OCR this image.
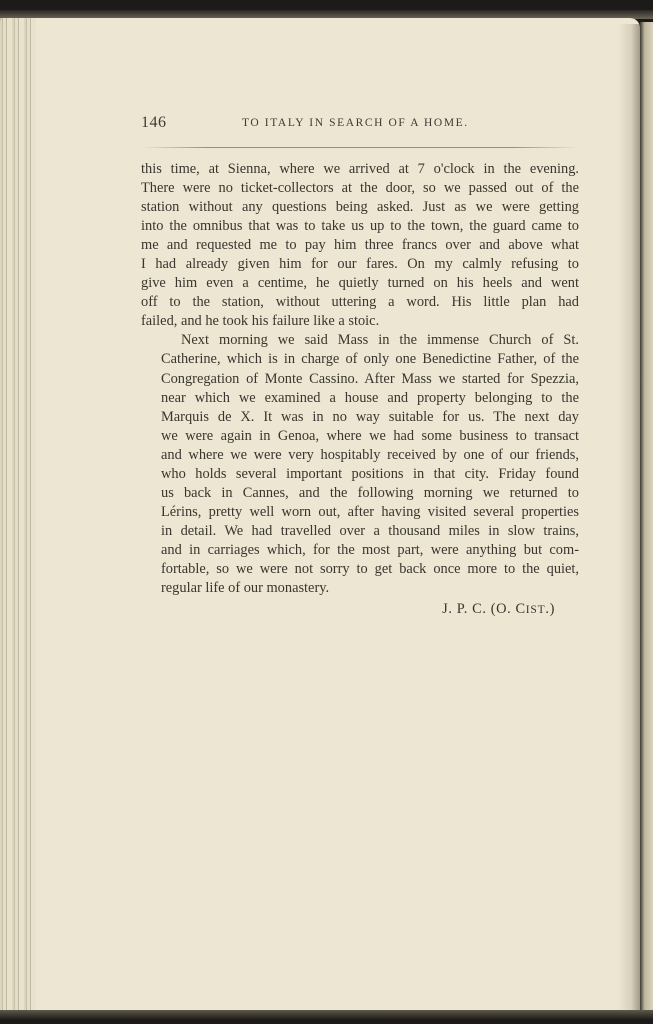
146	TO ITALY IN SEARCH OF A HOME.
this time, at Sienna, where we arrived at 7 o'clock in the evening.
There were no ticket-collectors at the door, so we passed out of the
station without any questions being asked. Just as we were getting
into the omnibus that was to take us up to the town, the guard came to
me and requested me to pay him three francs over and above what
I had already given him for our fares. On my calmly refusing to
give him even a centime, he quietly turned on his heels and went
off to the station, without uttering a word. His little plan had
failed, and he took his failure like a stoic.
Next morning we said Mass in the immense Church of St.
Catherine, which is in charge of only one Benedictine Father, of the
Congregation of Monte Cassino. After Mass we started for Spezzia,
near which we examined a house and property belonging to the
Marquis de X. It was in no way suitable for us. The next day
we were again in Genoa, where we had some business to transact
and where we were very hospitably received by one of our friends,
who holds several important positions in that city. Friday found
us back in Cannes, and the following morning we returned to
Lérins, pretty well worn out, after having visited several properties
in detail. We had travelled over a thousand miles in slow trains,
and in carriages which, for the most part, were anything but com-
fortable, so we were not sorry to get back once more to the quiet,
regular life of our monastery.
J. P. C. (O. CIST.)
